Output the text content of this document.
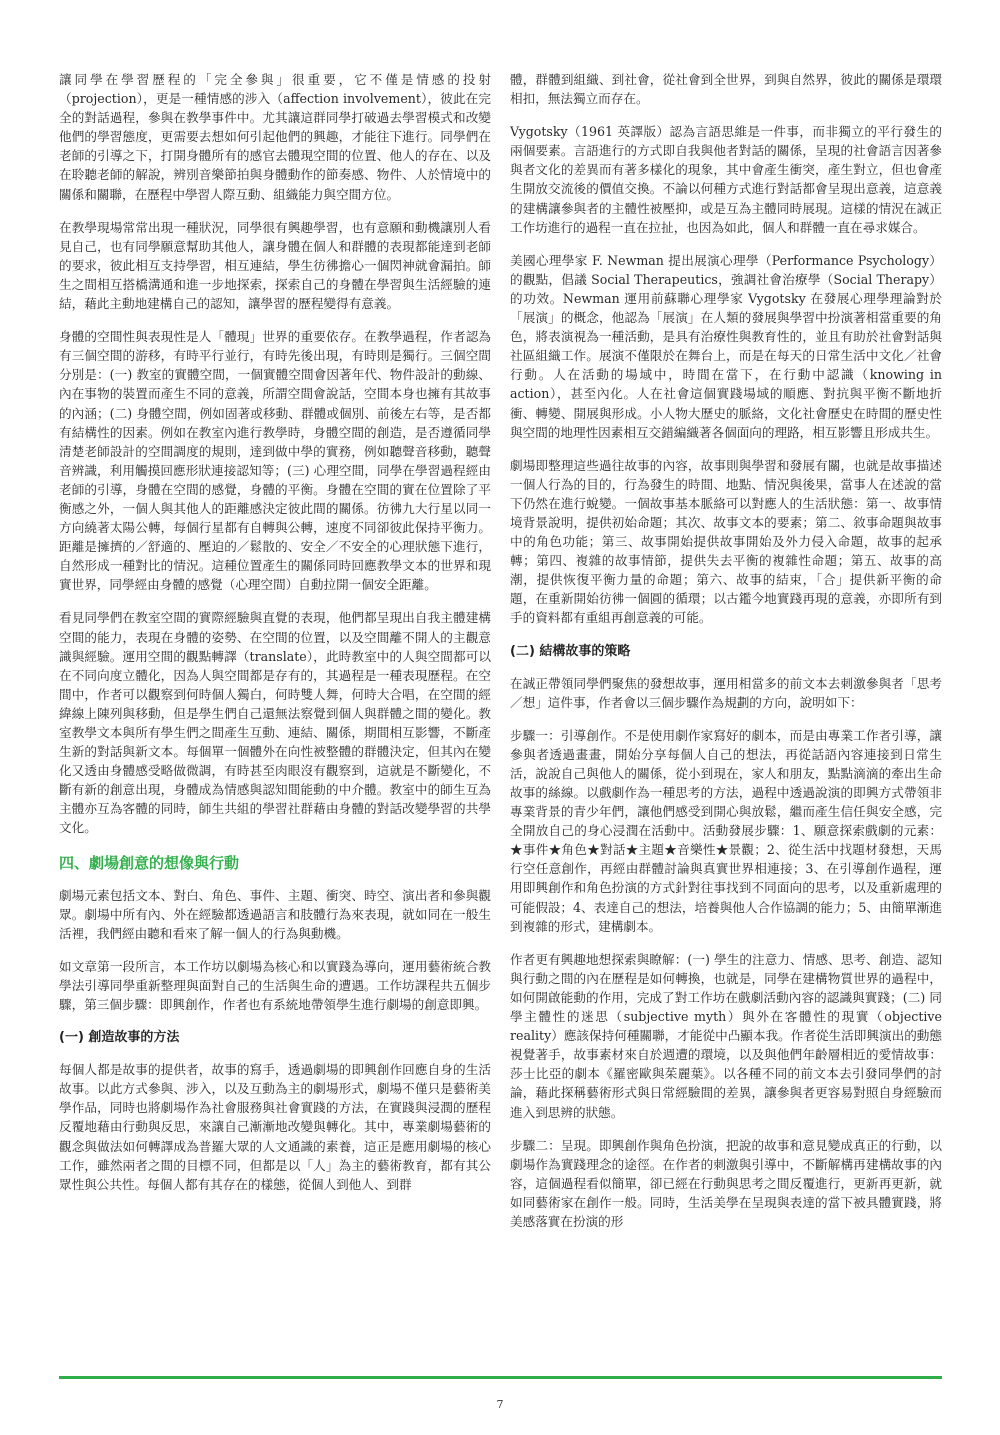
讓同學在學習歷程的「完全參與」很重要，它不僅是情感的投射（projection），更是一種情感的涉入（affection involvement），彼此在完全的對話過程，參與在教學事件中。尤其讓這群同學打破過去學習模式和改變他們的學習態度，更需要去想如何引起他們的興趣，才能往下進行。同學們在老師的引導之下，打開身體所有的感官去體現空間的位置、他人的存在、以及在聆聽老師的解說，辨別音樂節拍與身體動作的節奏感、物件、人於情境中的關係和關聯，在歷程中學習人際互動、組織能力與空間方位。

在教學現場常常出現一種狀況，同學很有興趣學習，也有意願和動機讓別人看見自己，也有同學願意幫助其他人，讓身體在個人和群體的表現都能達到老師的要求，彼此相互支持學習，相互連結，學生彷彿擔心一個閃神就會漏拍。師生之間相互搭橋溝通和進一步地探索，探索自己的身體在學習與生活經驗的連結，藉此主動地建構自己的認知，讓學習的歷程變得有意義。

身體的空間性與表現性是人「體現」世界的重要依存。在教學過程，作者認為有三個空間的游移，有時平行並行，有時先後出現，有時則是獨行。三個空間分別是：(一) 教室的實體空間，一個實體空間會因著年代、物件設計的動線、內在事物的裝置而產生不同的意義，所謂空間會說話，空間本身也擁有其故事的內涵；(二) 身體空間，例如固著或移動、群體或個別、前後左右等，是否都有結構性的因素。例如在教室內進行教學時，身體空間的創造，是否遵循同學清楚老師設計的空間調度的規則，達到做中學的實務，例如聽聲音移動，聽聲音辨識，利用觸摸回應形狀連接認知等；(三) 心理空間，同學在學習過程經由老師的引導，身體在空間的感覺，身體的平衡。身體在空間的實在位置除了平衡感之外，一個人與其他人的距離感決定彼此間的關係。彷彿九大行星以同一方向繞著太陽公轉，每個行星都有自轉與公轉，速度不同卻彼此保持平衡力。距離是擁擠的／舒適的、壓迫的／鬆散的、安全／不安全的心理狀態下進行，自然形成一種對比的情況。這種位置產生的關係同時回應教學文本的世界和現實世界，同學經由身體的感覺（心理空間）自動拉開一個安全距離。

看見同學們在教室空間的實際經驗與直覺的表現，他們都呈現出自我主體建構空間的能力，表現在身體的姿勢、在空間的位置，以及空間離不開人的主觀意識與經驗。運用空間的觀點轉譯（translate），此時教室中的人與空間都可以在不同向度立體化，因為人與空間都是存有的，其過程是一種表現歷程。在空間中，作者可以觀察到何時個人獨白，何時雙人舞，何時大合唱，在空間的經緯線上陳列與移動，但是學生們自己還無法察覺到個人與群體之間的變化。教室教學文本與所有學生們之間產生互動、連結、關係，期間相互影響，不斷產生新的對話與新文本。每個單一個體外在向性被整體的群體決定，但其內在變化又透由身體感受略做微調，有時甚至肉眼沒有觀察到，這就是不斷變化，不斷有新的創意出現，身體成為情感與認知間能動的中介體。教室中的師生互為主體亦互為客體的同時，師生共組的學習社群藉由身體的對話改變學習的共學文化。

四、劇場創意的想像與行動

劇場元素包括文本、對白、角色、事件、主題、衝突、時空、演出者和參與觀眾。劇場中所有內、外在經驗都透過語言和肢體行為來表現，就如同在一般生活裡，我們經由聽和看來了解一個人的行為與動機。

如文章第一段所言，本工作坊以劇場為核心和以實踐為導向，運用藝術統合教學法引導同學重新整理與面對自己的生活與生命的遭遇。工作坊課程共五個步驟，第三個步驟：即興創作，作者也有系統地帶領學生進行劇場的創意即興。

(一) 創造故事的方法

每個人都是故事的提供者，故事的寫手，透過劇場的即興創作回應自身的生活故事。以此方式參與、涉入，以及互動為主的劇場形式，劇場不僅只是藝術美學作品，同時也將劇場作為社會服務與社會實踐的方法，在實踐與浸潤的歷程反覆地藉由行動與反思，來讓自己漸漸地改變與轉化。其中，專業劇場藝術的觀念與做法如何轉譯成為普羅大眾的人文通識的素養，這正是應用劇場的核心工作，雖然兩者之間的目標不同，但都是以「人」為主的藝術教育，都有其公眾性與公共性。每個人都有其存在的樣態，從個人到他人、到群

體，群體到組織、到社會，從社會到全世界，到與自然界，彼此的關係是環環相扣，無法獨立而存在。

Vygotsky（1961 英譯版）認為言語思維是一件事，而非獨立的平行發生的兩個要素。言語進行的方式即自我與他者對話的關係，呈現的社會語言因著參與者文化的差異而有著多樣化的現象，其中會產生衝突，產生對立，但也會產生開放交流後的價值交換。不論以何種方式進行對話都會呈現出意義，這意義的建構讓參與者的主體性被壓抑，或是互為主體同時展現。這樣的情況在誠正工作坊進行的過程一直在拉扯，也因為如此，個人和群體一直在尋求媒合。

美國心理學家 F. Newman 提出展演心理學（Performance Psychology）的觀點，倡議 Social Therapeutics，強調社會治療學（Social Therapy）的功效。Newman 運用前蘇聯心理學家 Vygotsky 在發展心理學理論對於「展演」的概念，他認為「展演」在人類的發展與學習中扮演著相當重要的角色，將表演視為一種活動，是具有治療性與教育性的，並且有助於社會對話與社區組織工作。展演不僅限於在舞台上，而是在每天的日常生活中文化／社會行動。人在活動的場域中，時間在當下，在行動中認識（knowing in action），甚至內化。人在社會這個實踐場域的順應、對抗與平衡不斷地折衝、轉變、開展與形成。小人物大歷史的脈絡，文化社會歷史在時間的歷史性與空間的地理性因素相互交錯編織著各個面向的理路，相互影響且形成共生。

劇場即整理這些過往故事的內容，故事則與學習和發展有關，也就是故事描述一個人行為的目的，行為發生的時間、地點、情況與後果，當事人在述說的當下仍然在進行蛻變。一個故事基本脈絡可以對應人的生活狀態：第一、故事情境背景說明，提供初始命題；其次、故事文本的要素；第二、敘事命題與故事中的角色功能；第三、故事開始提供故事開始及外力侵入命題，故事的起承轉；第四、複雜的故事情節，提供失去平衡的複雜性命題；第五、故事的高潮，提供恢復平衡力量的命題；第六、故事的結束，「合」提供新平衡的命題，在重新開始彷彿一個圓的循環；以古鑑今地實踐再現的意義，亦即所有到手的資料都有重組再創意義的可能。

(二) 結構故事的策略

在誠正帶領同學們聚焦的發想故事，運用相當多的前文本去刺激參與者「思考／想」這件事，作者會以三個步驟作為規劃的方向，說明如下：

步驟一：引導創作。不是使用劇作家寫好的劇本，而是由專業工作者引導，讓參與者透過畫畫，開始分享每個人自己的想法，再從話語內容連接到日常生活，說說自己與他人的關係，從小到現在，家人和朋友，點點滴滴的牽出生命故事的絲線。以戲劇作為一種思考的方法，過程中透過說演的即興方式帶領非專業背景的青少年們，讓他們感受到開心與放鬆，繼而產生信任與安全感，完全開放自己的身心浸潤在活動中。活動發展步驟：1、願意探索戲劇的元素：★事件★角色★對話★主題★音樂性★景觀；2、從生活中找題材發想，天馬行空任意創作，再經由群體討論與真實世界相連接；3、在引導創作過程，運用即興創作和角色扮演的方式針對往事找到不同面向的思考，以及重新處理的可能假設；4、表達自己的想法，培養與他人合作協調的能力；5、由簡單漸進到複雜的形式，建構劇本。

作者更有興趣地想探索與瞭解：(一) 學生的注意力、情感、思考、創造、認知與行動之間的內在歷程是如何轉換，也就是，同學在建構物質世界的過程中，如何開啟能動的作用，完成了對工作坊在戲劇活動內容的認識與實踐；(二) 同學主體性的迷思（subjective myth）與外在客體性的現實（objective reality）應該保持何種關聯，才能從中凸顯本我。作者從生活即興演出的動態視覺著手，故事素材來自於週遭的環境，以及與他們年齡層相近的愛情故事：莎士比亞的劇本《羅密歐與茱麗葉》。以各種不同的前文本去引發同學們的討論，藉此探稱藝術形式與日常經驗間的差異，讓參與者更容易對照自身經驗而進入到思辨的狀態。

步驟二：呈現。即興創作與角色扮演，把說的故事和意見變成真正的行動，以劇場作為實踐理念的途徑。在作者的刺激與引導中，不斷解構再建構故事的內容，這個過程看似簡單，卻已經在行動與思考之間反覆進行，更新再更新，就如同藝術家在創作一般。同時，生活美學在呈現與表達的當下被具體實踐，將美感落實在扮演的形

7
